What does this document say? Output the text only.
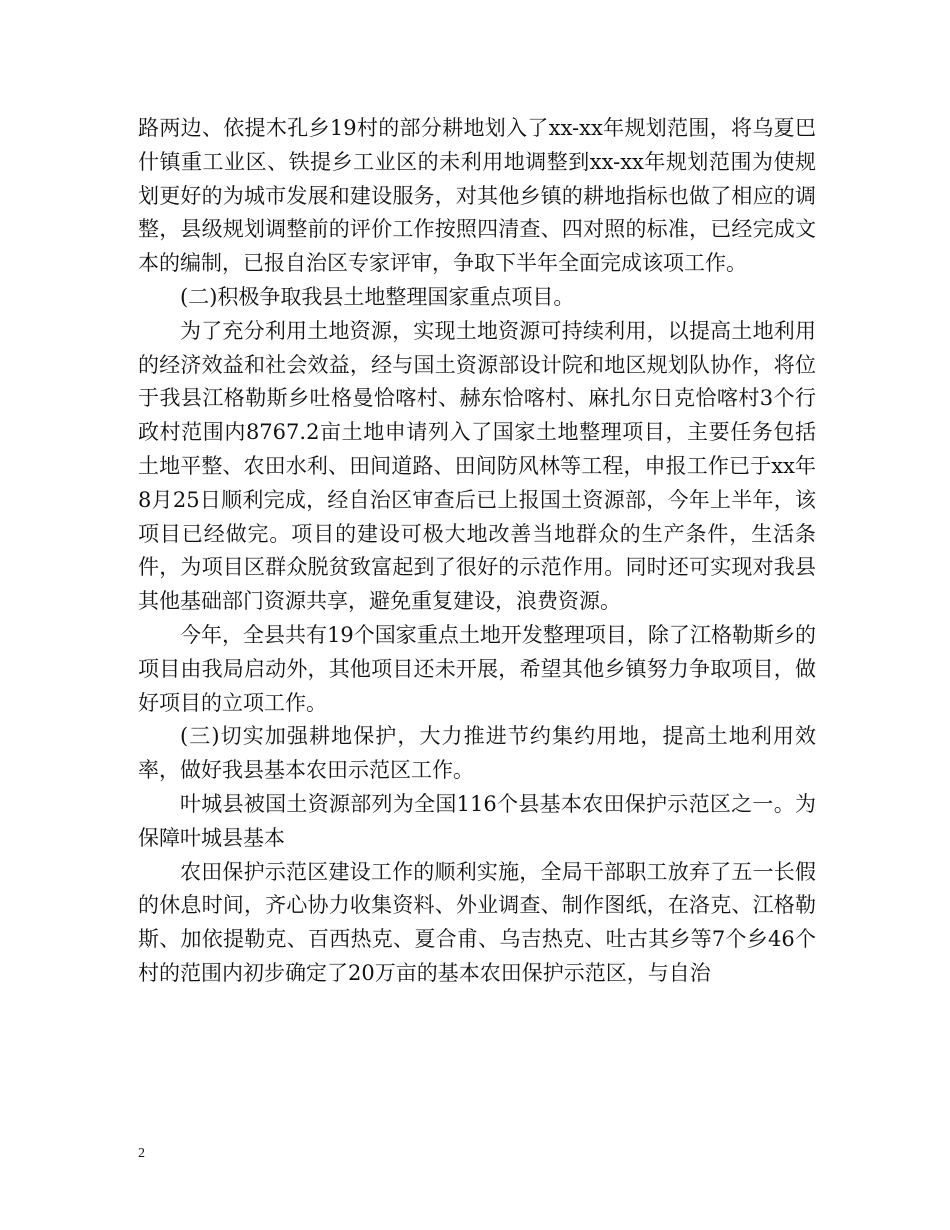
路两边、依提木孔乡19村的部分耕地划入了xx-xx年规划范围，将乌夏巴什镇重工业区、铁提乡工业区的未利用地调整到xx-xx年规划范围为使规划更好的为城市发展和建设服务，对其他乡镇的耕地指标也做了相应的调整，县级规划调整前的评价工作按照四清查、四对照的标准，已经完成文本的编制，已报自治区专家评审，争取下半年全面完成该项工作。

(二)积极争取我县土地整理国家重点项目。

为了充分利用土地资源，实现土地资源可持续利用，以提高土地利用的经济效益和社会效益，经与国土资源部设计院和地区规划队协作，将位于我县江格勒斯乡吐格曼恰喀村、赫东恰喀村、麻扎尔日克恰喀村3个行政村范围内8767.2亩土地申请列入了国家土地整理项目，主要任务包括土地平整、农田水利、田间道路、田间防风林等工程，申报工作已于xx年8月25日顺利完成，经自治区审查后已上报国土资源部，今年上半年，该项目已经做完。项目的建设可极大地改善当地群众的生产条件，生活条件，为项目区群众脱贫致富起到了很好的示范作用。同时还可实现对我县其他基础部门资源共享，避免重复建设，浪费资源。

今年，全县共有19个国家重点土地开发整理项目，除了江格勒斯乡的项目由我局启动外，其他项目还未开展，希望其他乡镇努力争取项目，做好项目的立项工作。

(三)切实加强耕地保护，大力推进节约集约用地，提高土地利用效率，做好我县基本农田示范区工作。

叶城县被国土资源部列为全国116个县基本农田保护示范区之一。为保障叶城县基本

农田保护示范区建设工作的顺利实施，全局干部职工放弃了五一长假的休息时间，齐心协力收集资料、外业调查、制作图纸，在洛克、江格勒斯、加依提勒克、百西热克、夏合甫、乌吉热克、吐古其乡等7个乡46个村的范围内初步确定了20万亩的基本农田保护示范区，与自治

2
